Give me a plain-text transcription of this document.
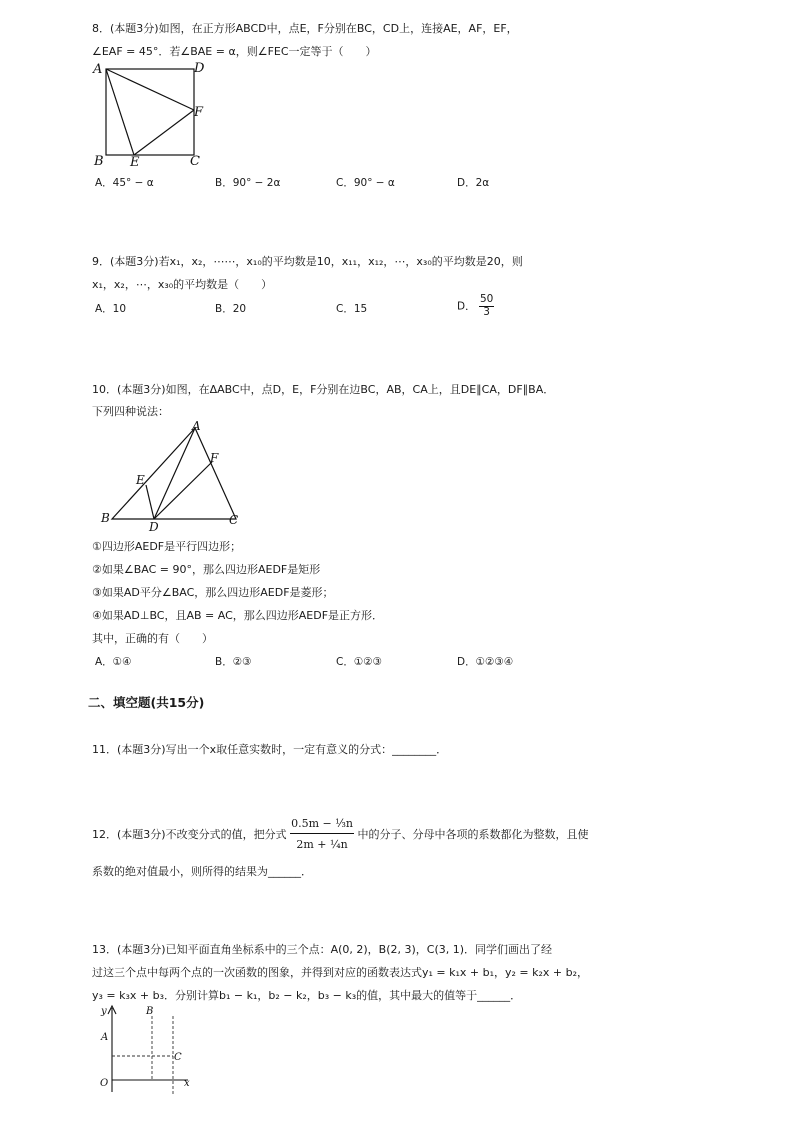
8．(本题3分)如图，在正方形ABCD中，点E，F分别在BC，CD上，连接AE，AF，EF，
∠EAF = 45°．若∠BAE = α，则∠FEC一定等于（　　）
A	D
F
B E	C
A．45° − α	B．90° − 2α	C．90° − α	D．2α
9．(本题3分)若x₁，x₂，⋯⋯，x₁₀的平均数是10，x₁₁，x₁₂，⋯，x₃₀的平均数是20，则
x₁，x₂，⋯，x₃₀的平均数是（　　）
A．10	B．20	C．15	D． $\frac{50}{3}$
10．(本题3分)如图，在ΔABC中，点D，E，F分别在边BC，AB，CA上，且DE∥CA，DF∥BA．
下列四种说法：
A
E
F
B
D	C
①四边形AEDF是平行四边形；
②如果∠BAC = 90°，那么四边形AEDF是矩形
③如果AD平分∠BAC，那么四边形AEDF是菱形；
④如果AD⊥BC，且AB = AC，那么四边形AEDF是正方形．
其中，正确的有（　　）
A．①④	B．②③	C．①②③	D．①②③④
二、填空题(共15分)
11．(本题3分)写出一个x取任意实数时，一定有意义的分式：________．
12．(本题3分)不改变分式的值，把分式 $\frac{\text{0.5m − ⅓n}}{\text{2m + ¼n}}$ 中的分子、分母中各项的系数都化为整数，且使
系数的绝对值最小，则所得的结果为______．
13．(本题3分)已知平面直角坐标系中的三个点：A(0, 2)，B(2, 3)，C(3, 1)．同学们画出了经
过这三个点中每两个点的一次函数的图象，并得到对应的函数表达式y₁ = k₁x + b₁，y₂ = k₂x + b₂，
y₃ = k₃x + b₃．分别计算b₁ − k₁，b₂ − k₂，b₃ − k₃的值，其中最大的值等于______．
y	B
A
C
O	x
